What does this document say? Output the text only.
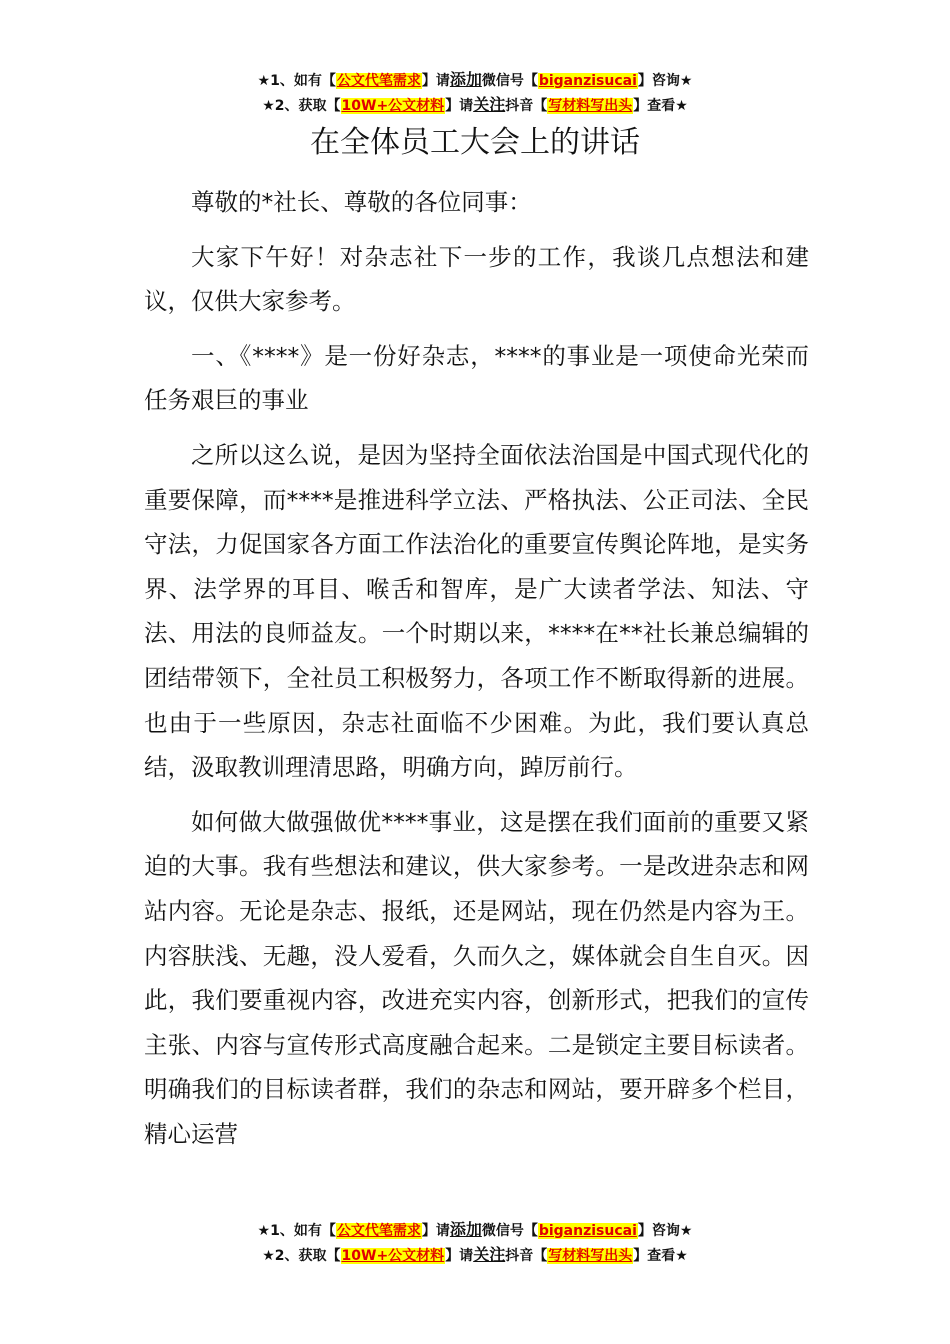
★1、如有【公文代笔需求】请添加微信号【biganzisucai】咨询★
★2、获取【10W+公文材料】请关注抖音【写材料写出头】查看★
在全体员工大会上的讲话

尊敬的*社长、尊敬的各位同事：

大家下午好！对杂志社下一步的工作，我谈几点想法和建议，仅供大家参考。

一、《****》是一份好杂志，****的事业是一项使命光荣而任务艰巨的事业

之所以这么说，是因为坚持全面依法治国是中国式现代化的重要保障，而****是推进科学立法、严格执法、公正司法、全民守法，力促国家各方面工作法治化的重要宣传舆论阵地，是实务界、法学界的耳目、喉舌和智库，是广大读者学法、知法、守法、用法的良师益友。一个时期以来，****在**社长兼总编辑的团结带领下，全社员工积极努力，各项工作不断取得新的进展。也由于一些原因，杂志社面临不少困难。为此，我们要认真总结，汲取教训理清思路，明确方向，踔厉前行。

如何做大做强做优****事业，这是摆在我们面前的重要又紧迫的大事。我有些想法和建议，供大家参考。一是改进杂志和网站内容。无论是杂志、报纸，还是网站，现在仍然是内容为王。内容肤浅、无趣，没人爱看，久而久之，媒体就会自生自灭。因此，我们要重视内容，改进充实内容，创新形式，把我们的宣传主张、内容与宣传形式高度融合起来。二是锁定主要目标读者。明确我们的目标读者群，我们的杂志和网站，要开辟多个栏目，精心运营

★1、如有【公文代笔需求】请添加微信号【biganzisucai】咨询★
★2、获取【10W+公文材料】请关注抖音【写材料写出头】查看★
